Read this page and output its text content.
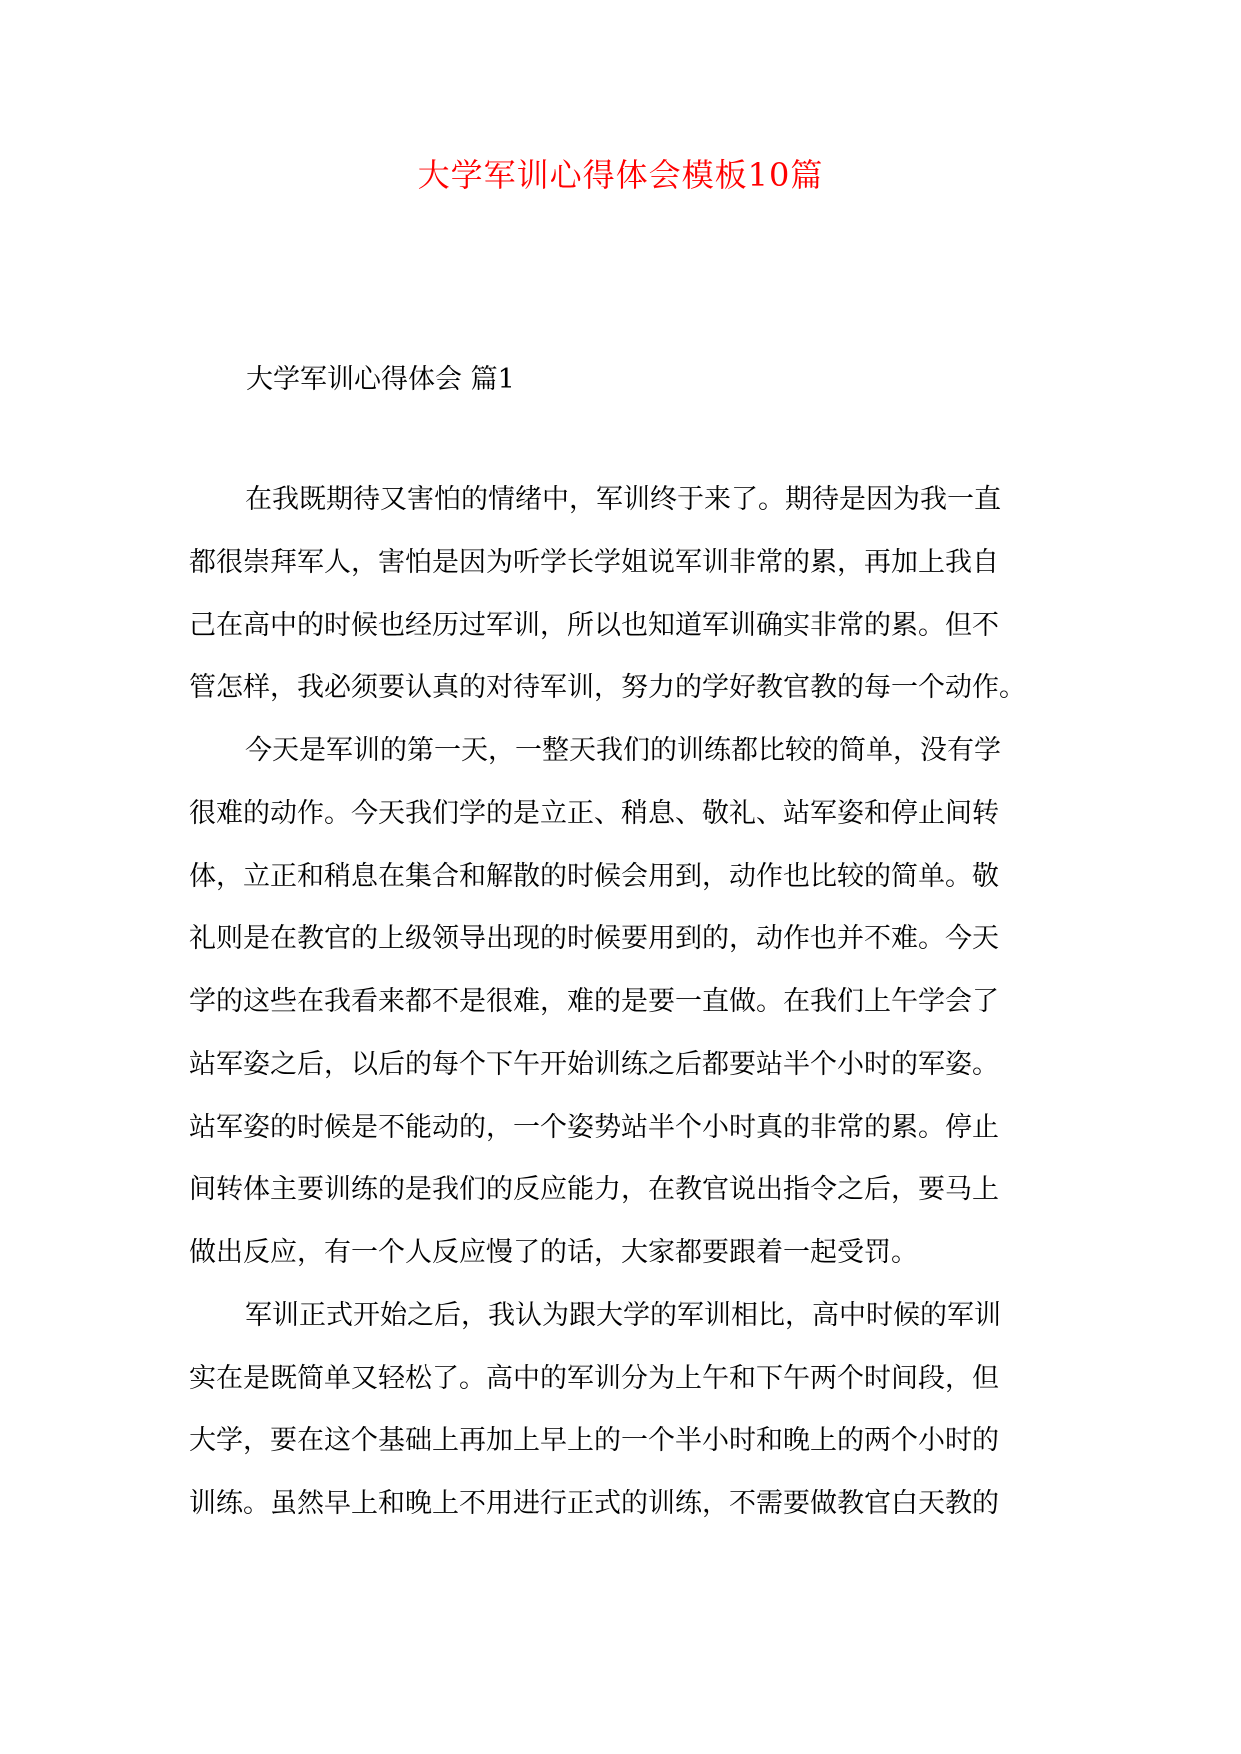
大学军训心得体会模板10篇
大学军训心得体会 篇1
在我既期待又害怕的情绪中，军训终于来了。期待是因为我一直
都很崇拜军人，害怕是因为听学长学姐说军训非常的累，再加上我自
己在高中的时候也经历过军训，所以也知道军训确实非常的累。但不
管怎样，我必须要认真的对待军训，努力的学好教官教的每一个动作。
今天是军训的第一天，一整天我们的训练都比较的简单，没有学
很难的动作。今天我们学的是立正、稍息、敬礼、站军姿和停止间转
体，立正和稍息在集合和解散的时候会用到，动作也比较的简单。敬
礼则是在教官的上级领导出现的时候要用到的，动作也并不难。今天
学的这些在我看来都不是很难，难的是要一直做。在我们上午学会了
站军姿之后，以后的每个下午开始训练之后都要站半个小时的军姿。
站军姿的时候是不能动的，一个姿势站半个小时真的非常的累。停止
间转体主要训练的是我们的反应能力，在教官说出指令之后，要马上
做出反应，有一个人反应慢了的话，大家都要跟着一起受罚。
军训正式开始之后，我认为跟大学的军训相比，高中时候的军训
实在是既简单又轻松了。高中的军训分为上午和下午两个时间段，但
大学，要在这个基础上再加上早上的一个半小时和晚上的两个小时的
训练。虽然早上和晚上不用进行正式的训练，不需要做教官白天教的
